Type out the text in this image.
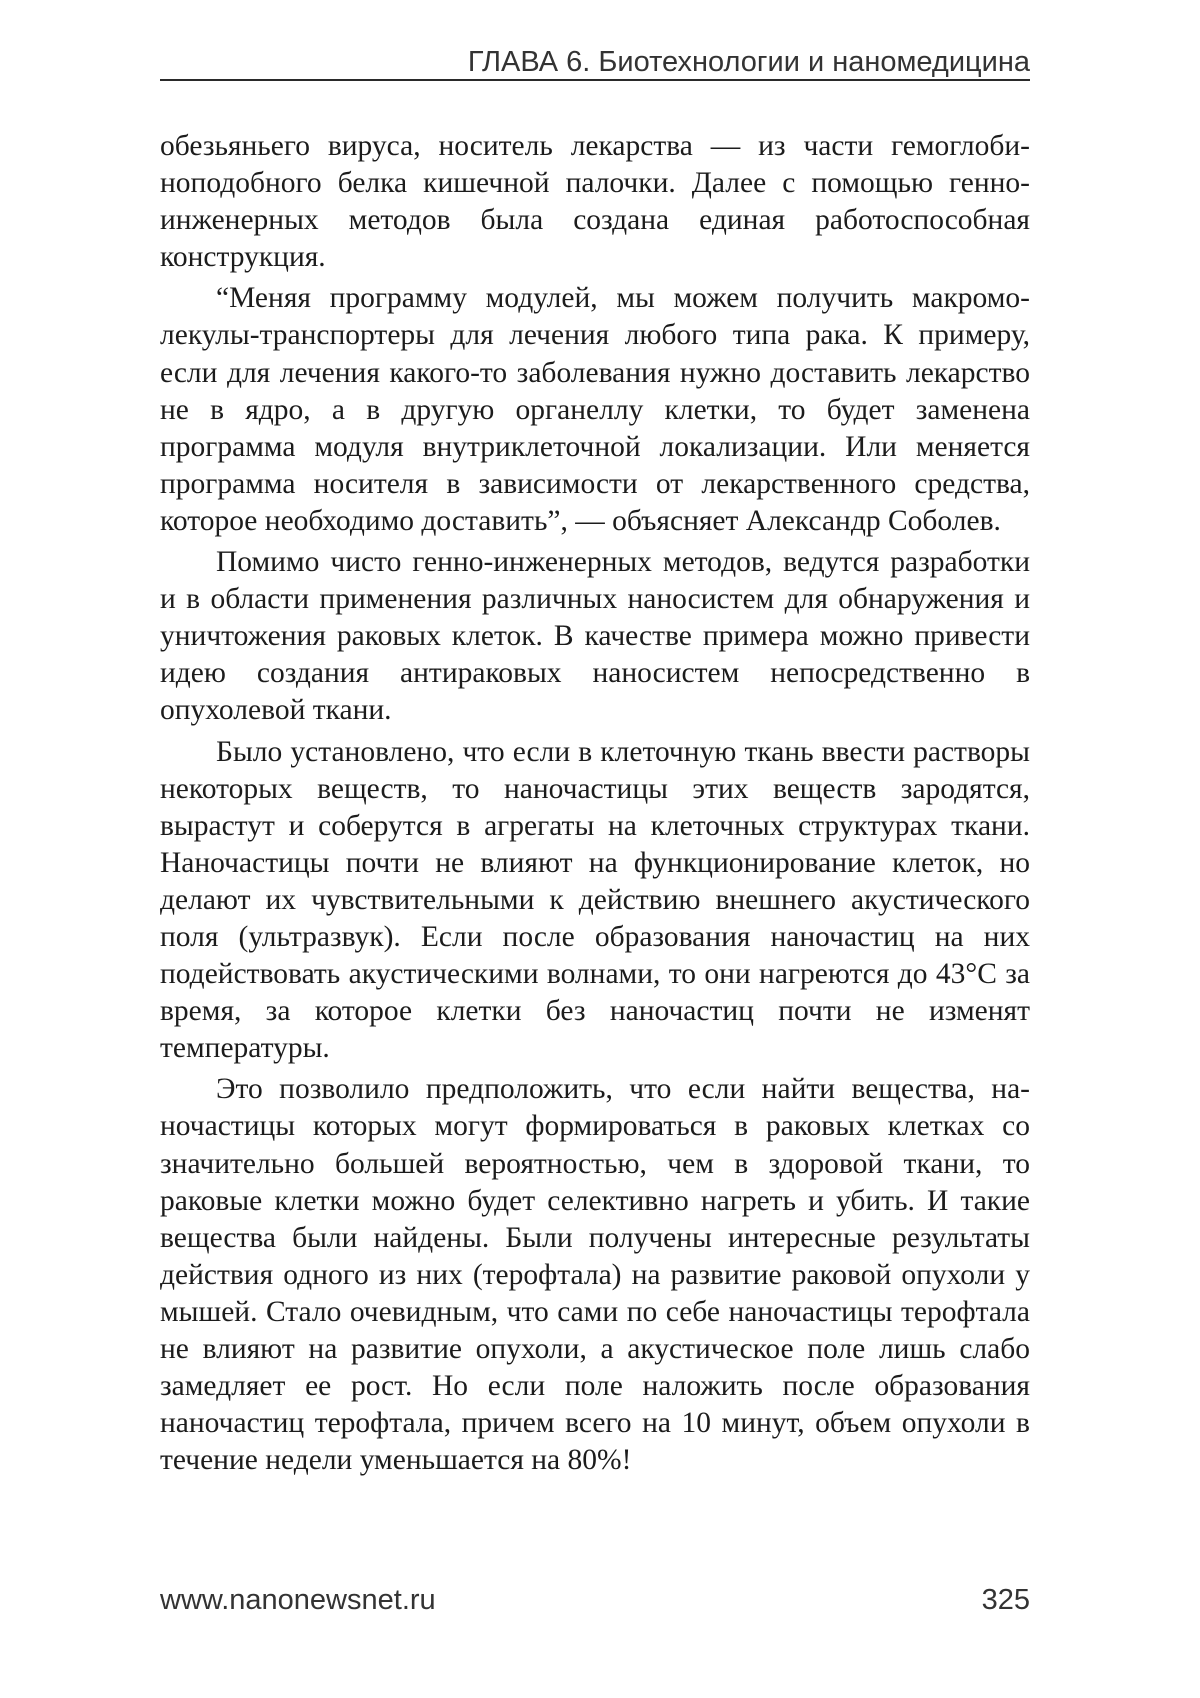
ГЛАВА 6. Биотехнологии и наномедицина

обезьяньего вируса, носитель лекарства — из части гемоглобиноподобного белка кишечной палочки. Далее с помощью генно-инженерных методов была создана единая работоспособная конструкция.

“Меняя программу модулей, мы можем получить макромолекулы-транспортеры для лечения любого типа рака. К примеру, если для лечения какого-то заболевания нужно доставить лекарство не в ядро, а в другую органеллу клетки, то будет заменена программа модуля внутриклеточной локализации. Или меняется программа носителя в зависимости от лекарственного средства, которое необходимо доставить”, — объясняет Александр Соболев.

Помимо чисто генно-инженерных методов, ведутся разработки и в области применения различных наносистем для обнаружения и уничтожения раковых клеток. В качестве примера можно привести идею создания антираковых наносистем непосредственно в опухолевой ткани.

Было установлено, что если в клеточную ткань ввести растворы некоторых веществ, то наночастицы этих веществ зародятся, вырастут и соберутся в агрегаты на клеточных структурах ткани. Наночастицы почти не влияют на функционирование клеток, но делают их чувствительными к действию внешнего акустического поля (ультразвук). Если после образования наночастиц на них подействовать акустическими волнами, то они нагреются до 43°С за время, за которое клетки без наночастиц почти не изменят температуры.

Это позволило предположить, что если найти вещества, наночастицы которых могут формироваться в раковых клетках со значительно большей вероятностью, чем в здоровой ткани, то раковые клетки можно будет селективно нагреть и убить. И такие вещества были найдены. Были получены интересные результаты действия одного из них (терофтала) на развитие раковой опухоли у мышей. Стало очевидным, что сами по себе наночастицы терофтала не влияют на развитие опухоли, а акустическое поле лишь слабо замедляет ее рост. Но если поле наложить после образования наночастиц терофтала, причем всего на 10 минут, объем опухоли в течение недели уменьшается на 80%!

www.nanonewsnet.ru	325
